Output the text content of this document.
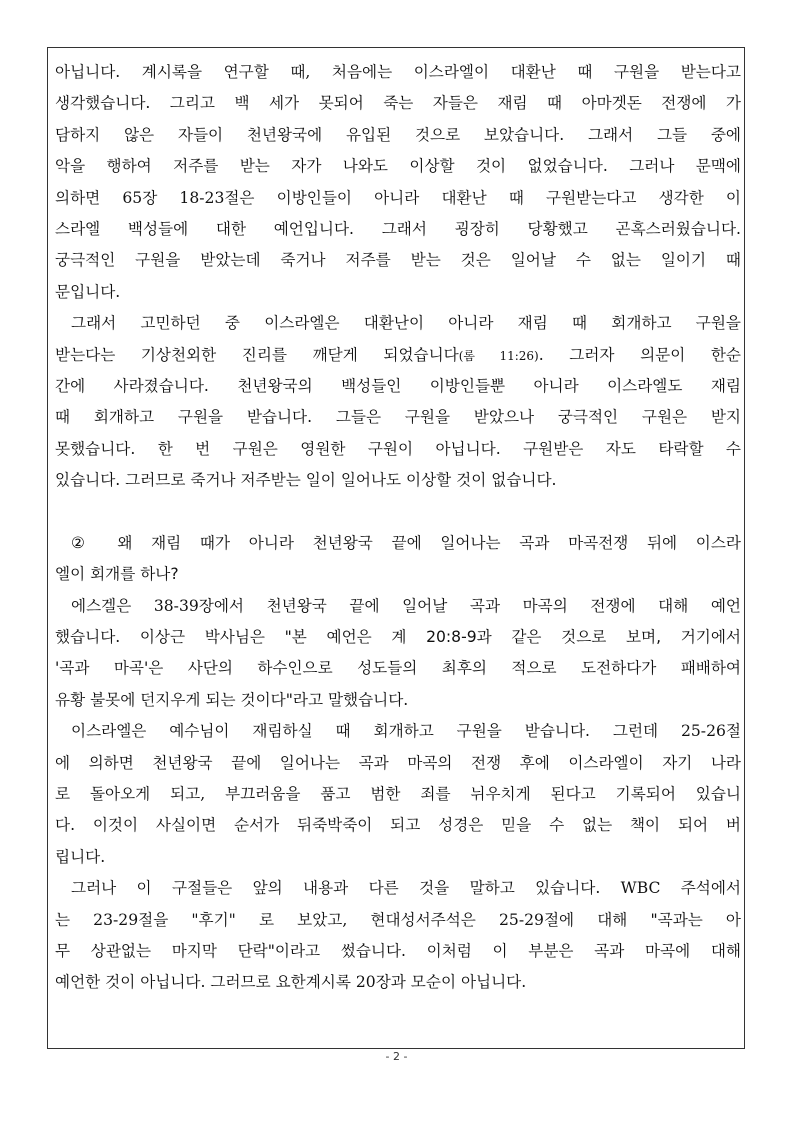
아닙니다. 계시록을 연구할 때, 처음에는 이스라엘이 대환난 때 구원을 받는다고
생각했습니다. 그리고 백 세가 못되어 죽는 자들은 재림 때 아마겟돈 전쟁에 가
담하지 않은 자들이 천년왕국에 유입된 것으로 보았습니다. 그래서 그들 중에
악을 행하여 저주를 받는 자가 나와도 이상할 것이 없었습니다. 그러나 문맥에
의하면 65장 18-23절은 이방인들이 아니라 대환난 때 구원받는다고 생각한 이
스라엘 백성들에 대한 예언입니다. 그래서 굉장히 당황했고 곤혹스러웠습니다.
궁극적인 구원을 받았는데 죽거나 저주를 받는 것은 일어날 수 없는 일이기 때
문입니다.
그래서 고민하던 중 이스라엘은 대환난이 아니라 재림 때 회개하고 구원을
받는다는 기상천외한 진리를 깨닫게 되었습니다(롬 11:26). 그러자 의문이 한순
간에 사라졌습니다. 천년왕국의 백성들인 이방인들뿐 아니라 이스라엘도 재림
때 회개하고 구원을 받습니다. 그들은 구원을 받았으나 궁극적인 구원은 받지
못했습니다. 한 번 구원은 영원한 구원이 아닙니다. 구원받은 자도 타락할 수
있습니다. 그러므로 죽거나 저주받는 일이 일어나도 이상할 것이 없습니다.
② 왜 재림 때가 아니라 천년왕국 끝에 일어나는 곡과 마곡전쟁 뒤에 이스라
엘이 회개를 하나?
에스겔은 38-39장에서 천년왕국 끝에 일어날 곡과 마곡의 전쟁에 대해 예언
했습니다. 이상근 박사님은 "본 예언은 계 20:8-9과 같은 것으로 보며, 거기에서
'곡과 마곡'은 사단의 하수인으로 성도들의 최후의 적으로 도전하다가 패배하여
유황 불못에 던지우게 되는 것이다"라고 말했습니다.
이스라엘은 예수님이 재림하실 때 회개하고 구원을 받습니다. 그런데 25-26절
에 의하면 천년왕국 끝에 일어나는 곡과 마곡의 전쟁 후에 이스라엘이 자기 나라
로 돌아오게 되고, 부끄러움을 품고 범한 죄를 뉘우치게 된다고 기록되어 있습니
다. 이것이 사실이면 순서가 뒤죽박죽이 되고 성경은 믿을 수 없는 책이 되어 버
립니다.
그러나 이 구절들은 앞의 내용과 다른 것을 말하고 있습니다. WBC 주석에서
는 23-29절을 "후기" 로 보았고, 현대성서주석은 25-29절에 대해 "곡과는 아
무 상관없는 마지막 단락"이라고 썼습니다. 이처럼 이 부분은 곡과 마곡에 대해
예언한 것이 아닙니다. 그러므로 요한계시록 20장과 모순이 아닙니다.
- 2 -
